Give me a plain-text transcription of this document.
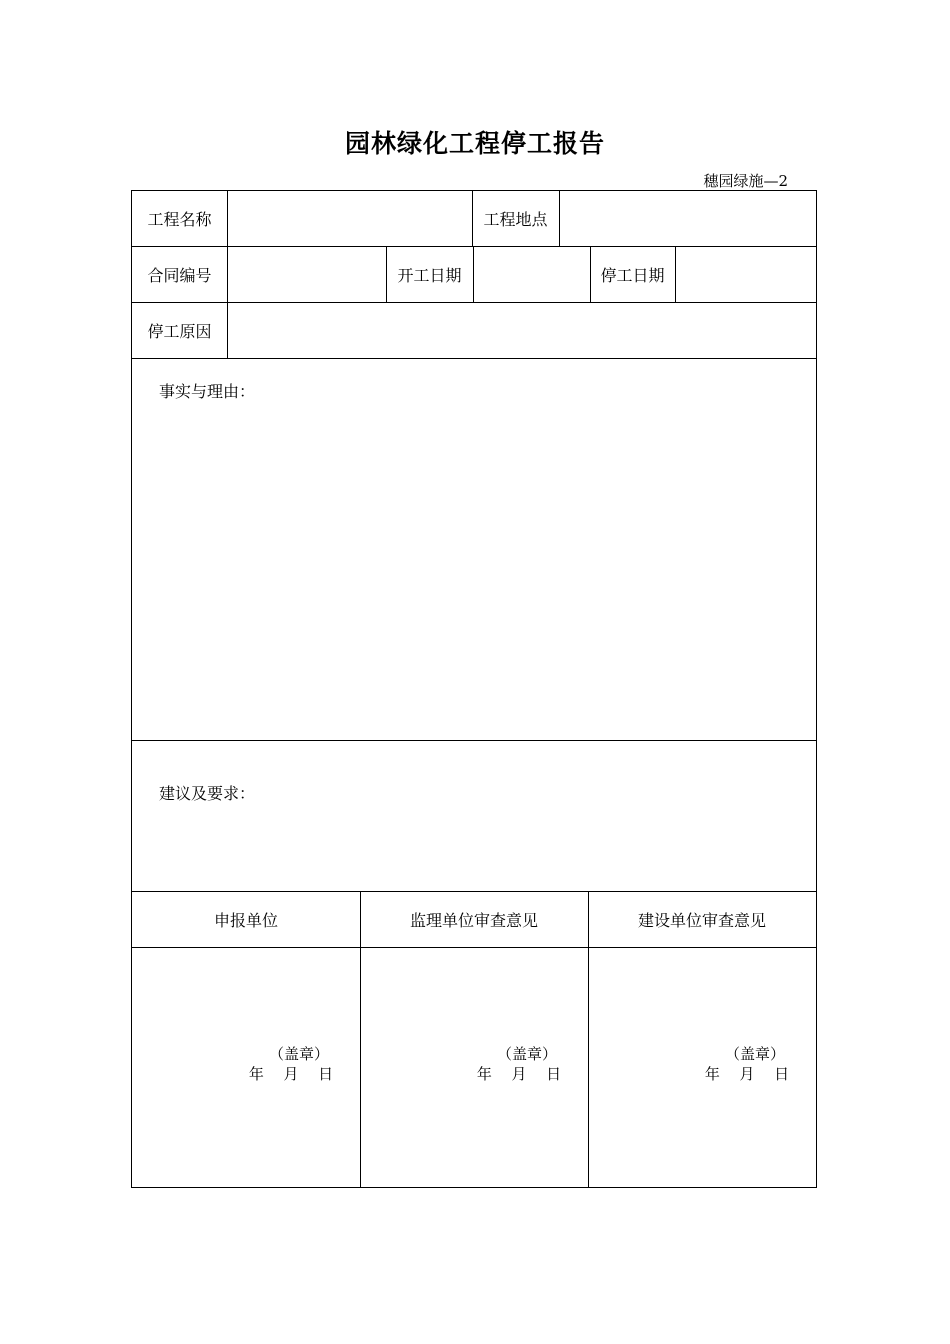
园林绿化工程停工报告
穗园绿施—2
工程名称	工程地点
合同编号	开工日期	停工日期
停工原因
事实与理由：
建议及要求：
申报单位	监理单位审查意见	建设单位审查意见
（盖章）
年 月 日
（盖章）
年 月 日
（盖章）
年 月 日
